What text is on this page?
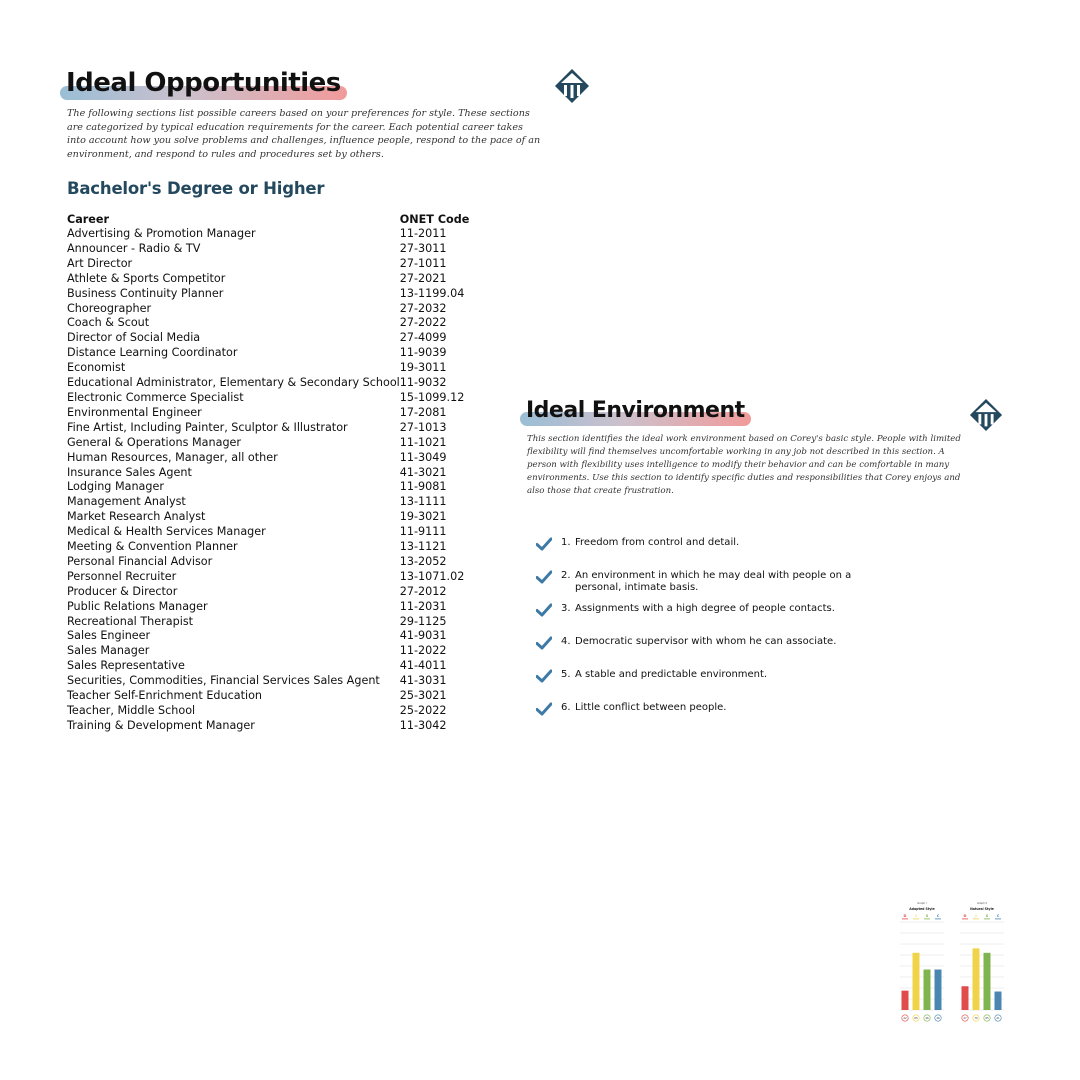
Ideal Opportunities

The following sections list possible careers based on your preferences for style. These sections are categorized by typical education requirements for the career. Each potential career takes into account how you solve problems and challenges, influence people, respond to the pace of an environment, and respond to rules and procedures set by others.

Bachelor's Degree or Higher
Career	ONET Code
Advertising & Promotion Manager	11-2011
Announcer - Radio & TV	27-3011
Art Director	27-1011
Athlete & Sports Competitor	27-2021
Business Continuity Planner	13-1199.04
Choreographer	27-2032
Coach & Scout	27-2022
Director of Social Media	27-4099
Distance Learning Coordinator	11-9039
Economist	19-3011
Educational Administrator, Elementary & Secondary School	11-9032
Electronic Commerce Specialist	15-1099.12
Environmental Engineer	17-2081
Fine Artist, Including Painter, Sculptor & Illustrator	27-1013
General & Operations Manager	11-1021
Human Resources, Manager, all other	11-3049
Insurance Sales Agent	41-3021
Lodging Manager	11-9081
Management Analyst	13-1111
Market Research Analyst	19-3021
Medical & Health Services Manager	11-9111
Meeting & Convention Planner	13-1121
Personal Financial Advisor	13-2052
Personnel Recruiter	13-1071.02
Producer & Director	27-2012
Public Relations Manager	11-2031
Recreational Therapist	29-1125
Sales Engineer	41-9031
Sales Manager	11-2022
Sales Representative	41-4011
Securities, Commodities, Financial Services Sales Agent	41-3031
Teacher Self-Enrichment Education	25-3021
Teacher, Middle School	25-2022
Training & Development Manager	11-3042
Ideal Environment

This section identifies the ideal work environment based on Corey's basic style. People with limited flexibility will find themselves uncomfortable working in any job not described in this section. A person with flexibility uses intelligence to modify their behavior and can be comfortable in many environments. Use this section to identify specific duties and responsibilities that Corey enjoys and also those that create frustration.

1. Freedom from control and detail.
2. An environment in which he may deal with people on a personal, intimate basis.
3. Assignments with a high degree of people contacts.
4. Democratic supervisor with whom he can associate.
5. A stable and predictable environment.
6. Little conflict between people.
Graph I
Adapted Style
D	I	S C
22	65	46	46
Graph II
Natural Style
D	I	S C
27	70	65	21
